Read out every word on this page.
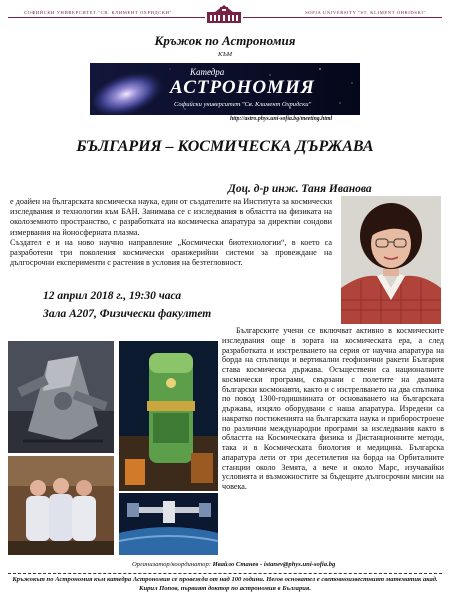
СОФИЙСКИ УНИВЕРСИТЕТ "СВ. КЛИМЕНТ ОХРИДСКИ"	SOFIA UNIVERSITY "ST. KLIMENT OHRIDSKI"
Кръжок по Астрономия
КЪМ
Катедра
АСТРОНОМИЯ
Софийски университет "Св. Климент Охридски"
http://astro.phys.uni-sofia.bg/meeting.html
БЪЛГАРИЯ – КОСМИЧЕСКА ДЪРЖАВА
Доц. д-р инж. Таня Иванова

е доайен на българската космическа наука, един от създателите на Института за космически изследвания и технологии към БАН. Занимава се с изследвания в областта на физиката на околоземното пространство, с разработката на космическа апаратура за директни сондови измервания на йоносферната плазма.

Създател е и на ново научно направление „Космически биотехнологии“, в което са разработени три поколения космически оранжерийни системи за провеждане на дългосрочни експерименти с растения в условия на безтегловност.

12 април 2018 г., 19:30 часа
Зала А207, Физически факултет
Българските учени се включват активно в космическите изследвания още в зората на космическата ера, а след разработката и изстрелването на серия от научна апаратура на борда на спътници и вертикални геофизични ракети България става космическа държава. Осъществени са националните космически програми, свързани с полетите на двамата български космонавти, както и с изстрелването на два спътника по повод 1300-годишнината от основаването на българската държава, изцяло оборудвани с наша апаратура. Изредени са накратко постиженията на българската наука и приборостроене по различни международни програми за изследвания както в областта на Космическата физика и Дистанционните методи, така и в Космическата биология и медицина. Българска апаратура лети от три десетилетия на борда на Орбиталните станции около Земята, а вече и около Марс, изучавайки условията и възможностите за бъдещите дългосрочни мисии на човека.
Организатор/координатор: Ивайло Станев - istanev@phys.uni-sofia.bg
Кръжокът по Астрономия към катедра Астрономия се провежда от над 100 години. Негов основател е световноизвестният математик акад. Кирил Попов, първият доктор по астрономия в България.
